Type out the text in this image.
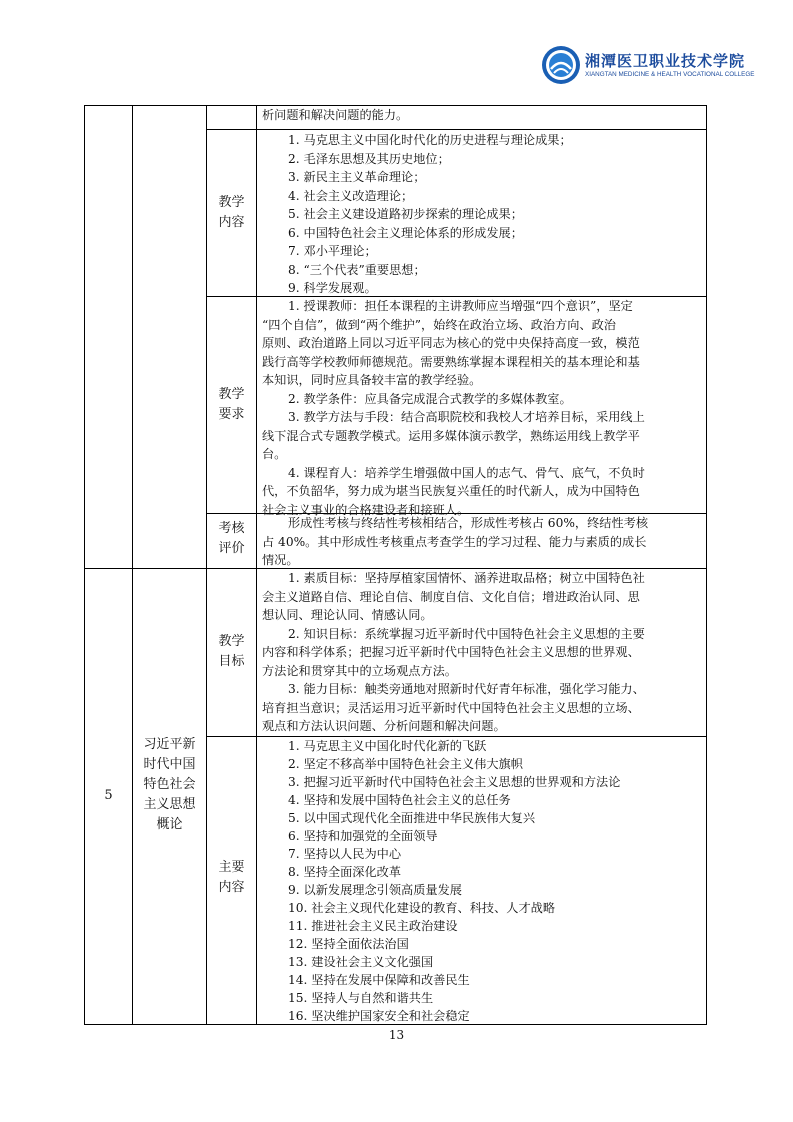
湘潭医卫职业技术学院
XIANGTAN MEDICINE & HEALTH VOCATIONAL COLLEGE
析问题和解决问题的能力。
教学
内容
1. 马克思主义中国化时代化的历史进程与理论成果；
2. 毛泽东思想及其历史地位；
3. 新民主主义革命理论；
4. 社会主义改造理论；
5. 社会主义建设道路初步探索的理论成果；
6. 中国特色社会主义理论体系的形成发展；
7. 邓小平理论；
8. “三个代表”重要思想；
9. 科学发展观。
教学
要求
1. 授课教师：担任本课程的主讲教师应当增强“四个意识”，坚定
“四个自信”，做到“两个维护”，始终在政治立场、政治方向、政治
原则、政治道路上同以习近平同志为核心的党中央保持高度一致，模范
践行高等学校教师师德规范。需要熟练掌握本课程相关的基本理论和基
本知识，同时应具备较丰富的教学经验。
2. 教学条件：应具备完成混合式教学的多媒体教室。
3. 教学方法与手段：结合高职院校和我校人才培养目标，采用线上
线下混合式专题教学模式。运用多媒体演示教学，熟练运用线上教学平
台。
4. 课程育人：培养学生增强做中国人的志气、骨气、底气，不负时
代，不负韶华，努力成为堪当民族复兴重任的时代新人，成为中国特色
社会主义事业的合格建设者和接班人。
考核
评价
形成性考核与终结性考核相结合，形成性考核占 60%，终结性考核
占 40%。其中形成性考核重点考查学生的学习过程、能力与素质的成长
情况。
5
习近平新
时代中国
特色社会
主义思想
概论
教学
目标
1. 素质目标：坚持厚植家国情怀、涵养进取品格；树立中国特色社
会主义道路自信、理论自信、制度自信、文化自信；增进政治认同、思
想认同、理论认同、情感认同。
2. 知识目标：系统掌握习近平新时代中国特色社会主义思想的主要
内容和科学体系；把握习近平新时代中国特色社会主义思想的世界观、
方法论和贯穿其中的立场观点方法。
3. 能力目标：触类旁通地对照新时代好青年标准，强化学习能力、
培育担当意识；灵活运用习近平新时代中国特色社会主义思想的立场、
观点和方法认识问题、分析问题和解决问题。
主要
内容
1. 马克思主义中国化时代化新的飞跃
2. 坚定不移高举中国特色社会主义伟大旗帜
3. 把握习近平新时代中国特色社会主义思想的世界观和方法论
4. 坚持和发展中国特色社会主义的总任务
5. 以中国式现代化全面推进中华民族伟大复兴
6. 坚持和加强党的全面领导
7. 坚持以人民为中心
8. 坚持全面深化改革
9. 以新发展理念引领高质量发展
10. 社会主义现代化建设的教育、科技、人才战略
11. 推进社会主义民主政治建设
12. 坚持全面依法治国
13. 建设社会主义文化强国
14. 坚持在发展中保障和改善民生
15. 坚持人与自然和谐共生
16. 坚决维护国家安全和社会稳定
13
